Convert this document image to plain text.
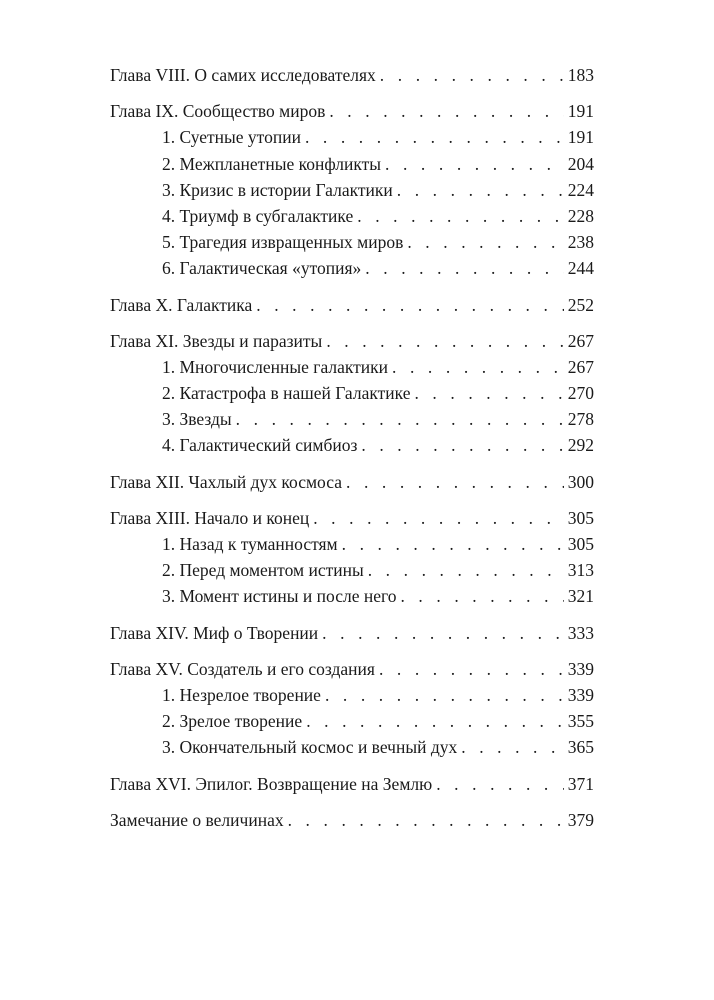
Глава VIII. О самих исследователях . . .	183
Глава IX. Сообщество миров . . .	191
1. Суетные утопии . . .	191
2. Межпланетные конфликты . . .	204
3. Кризис в истории Галактики . . .	224
4. Триумф в субгалактике . . .	228
5. Трагедия извращенных миров . . .	238
6. Галактическая «утопия» . . .	244
Глава X. Галактика . . .	252
Глава XI. Звезды и паразиты . . .	267
1. Многочисленные галактики . . .	267
2. Катастрофа в нашей Галактике . . .	270
3. Звезды . . .	278
4. Галактический симбиоз . . .	292
Глава XII. Чахлый дух космоса . . .	300
Глава XIII. Начало и конец . . .	305
1. Назад к туманностям . . .	305
2. Перед моментом истины . . .	313
3. Момент истины и после него . . .	321
Глава XIV. Миф о Творении . . .	333
Глава XV. Создатель и его создания . . .	339
1. Незрелое творение . . .	339
2. Зрелое творение . . .	355
3. Окончательный космос и вечный дух . . .	365
Глава XVI. Эпилог. Возвращение на Землю . . .	371
Замечание о величинах . . .	379
